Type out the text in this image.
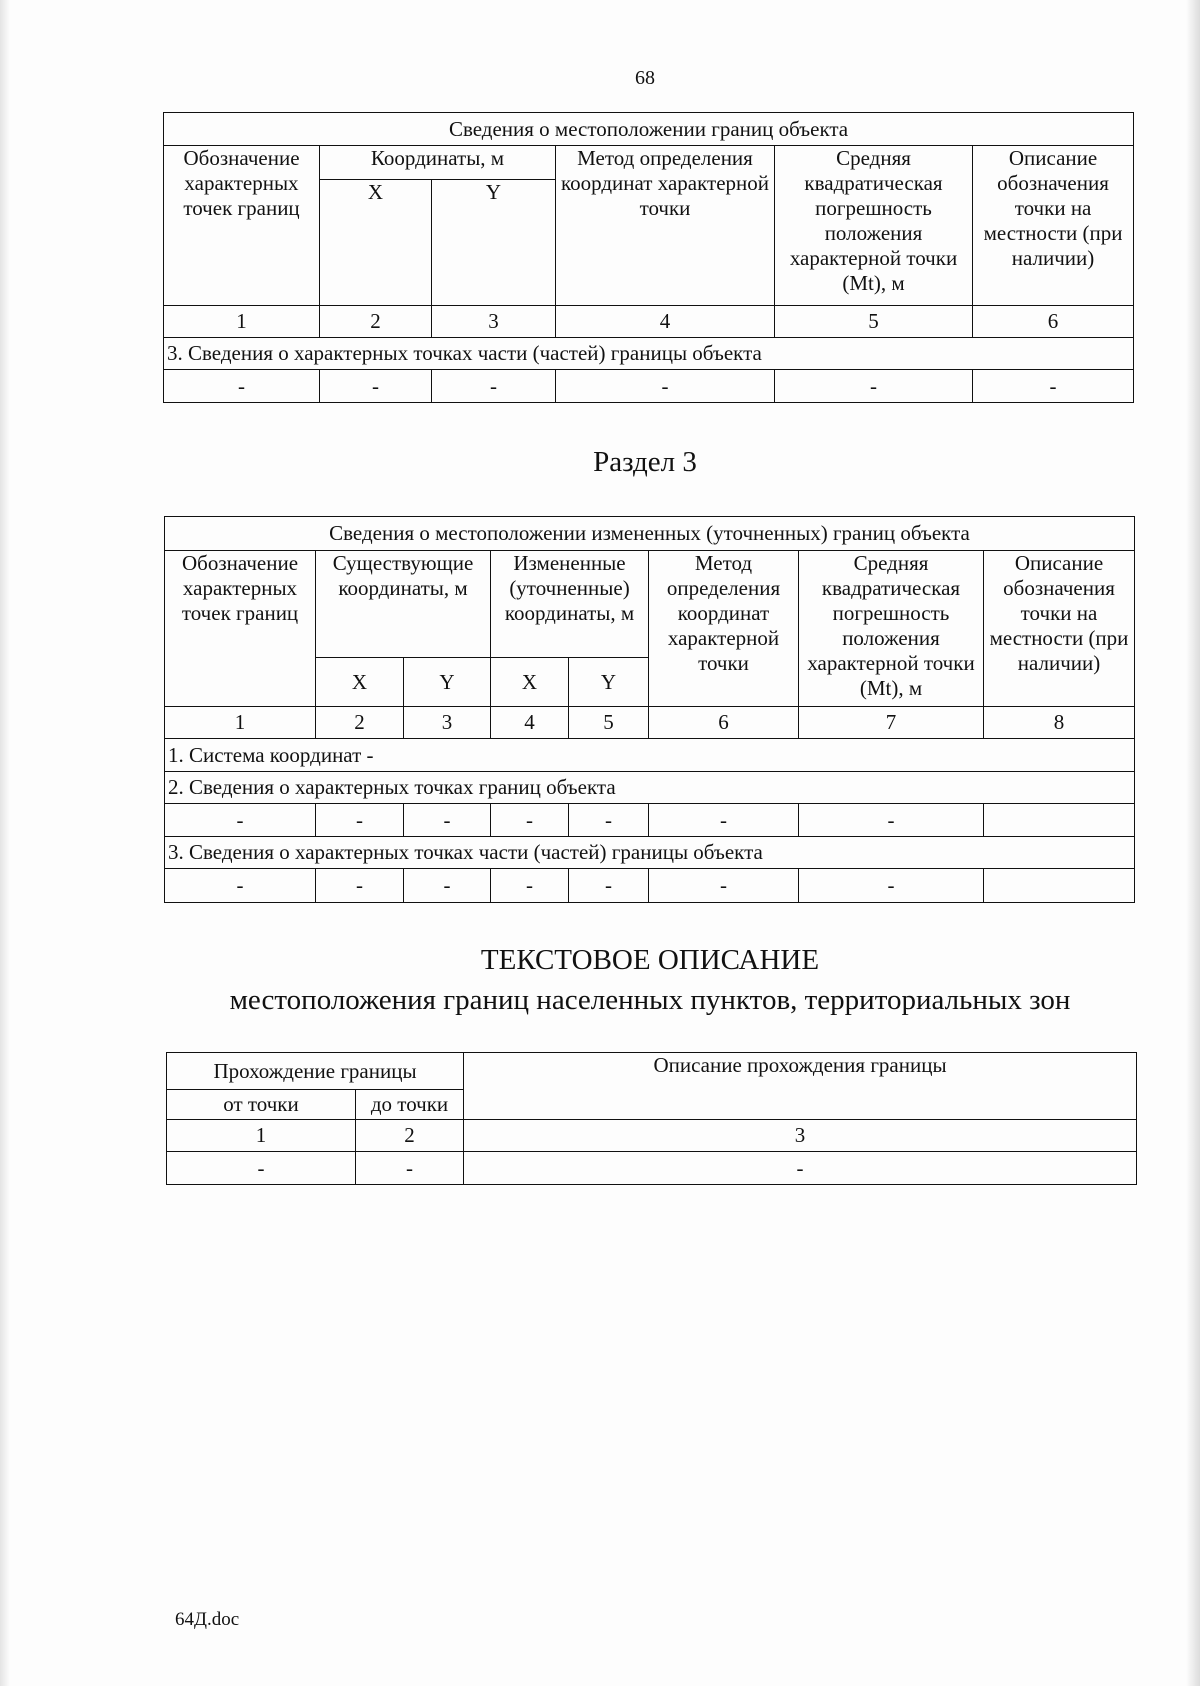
68
Сведения о местоположении границ объекта					
Обозначение характерных точек границ	Координаты, м		Метод определения координат характерной точки	Средняя квадратическая погрешность положения характерной точки (Mt), м	Описание обозначения точки на местности (при наличии)
	X	Y			
1	2	3	4	5	6
3. Сведения о характерных точках части (частей) границы объекта					
-	-	-	-	-	-
Раздел 3
Сведения о местоположении измененных (уточненных) границ объекта							
Обозначение характерных точек границ	Существующие координаты, м		Измененные (уточненные) координаты, м		Метод определения координат характерной точки	Средняя квадратическая погрешность положения характерной точки (Mt), м	Описание обозначения точки на местности (при наличии)
	X	Y	X	Y			
1	2	3	4	5	6	7	8
1. Система координат -							
2. Сведения о характерных точках границ объекта							
-	-	-	-	-	-	-	
3. Сведения о характерных точках части (частей) границы объекта							
-	-	-	-	-	-	-	
ТЕКСТОВОЕ ОПИСАНИЕ
местоположения границ населенных пунктов, территориальных зон
Прохождение границы		Описание прохождения границы
от точки	до точки	
1	2	3
-	-	-
64Д.doc
